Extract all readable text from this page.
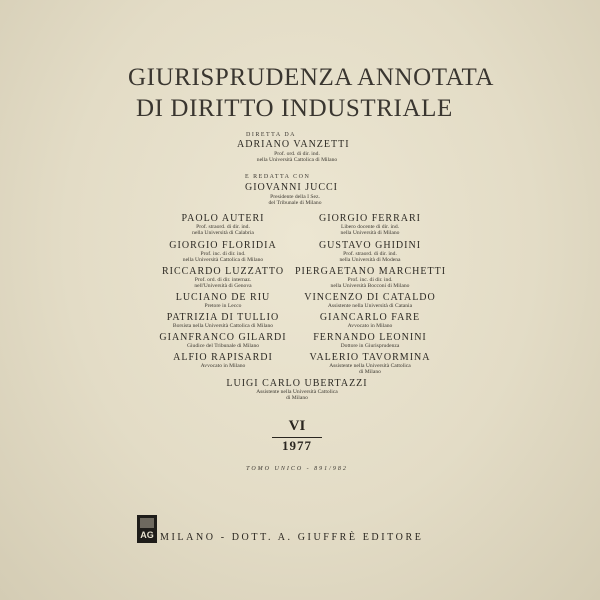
GIURISPRUDENZA ANNOTATA
DI DIRITTO INDUSTRIALE
DIRETTA DA
ADRIANO VANZETTI
Prof. ord. di dir. ind.
nella Università Cattolica di Milano
E REDATTA CON
GIOVANNI JUCCI
Presidente della I Sez.
del Tribunale di Milano
PAOLO AUTERI
Prof. straord. di dir. ind.
nella Università di Calabria
GIORGIO FLORIDIA
Prof. inc. di dir. ind.
nella Università Cattolica di Milano
RICCARDO LUZZATTO
Prof. ord. di dir. internaz.
nell'Università di Genova
LUCIANO DE RIU
Pretore in Lecco
PATRIZIA DI TULLIO
Borsista nella Università Cattolica di Milano
GIANFRANCO GILARDI
Giudice del Tribunale di Milano
ALFIO RAPISARDI
Avvocato in Milano
GIORGIO FERRARI
Libero docente di dir. ind.
nella Università di Milano
GUSTAVO GHIDINI
Prof. straord. di dir. ind.
nella Università di Modena
PIERGAETANO MARCHETTI
Prof. inc. di dir. ind.
nella Università Bocconi di Milano
VINCENZO DI CATALDO
Assistente nella Università di Catania
GIANCARLO FARE
Avvocato in Milano
FERNANDO LEONINI
Dottore in Giurisprudenza
VALERIO TAVORMINA
Assistente nella Università Cattolica
di Milano
LUIGI CARLO UBERTAZZI
Assistente nella Università Cattolica
di Milano
VI
1977
TOMO UNICO - 891/982
AG MILANO - DOTT. A. GIUFFRÈ EDITORE
